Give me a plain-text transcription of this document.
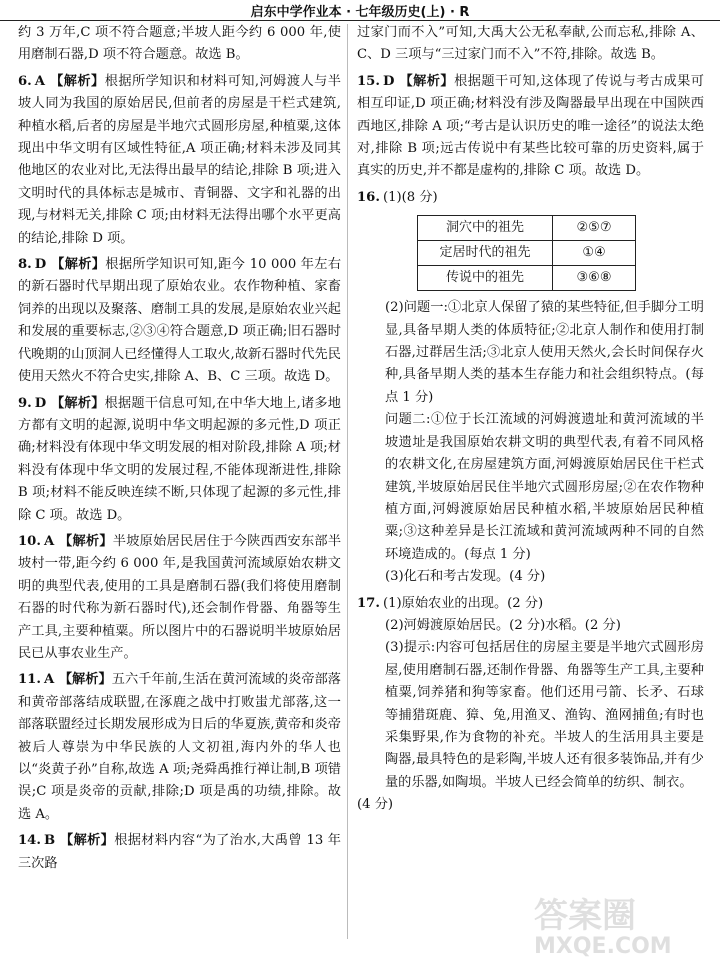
启东中学作业本 · 七年级历史(上) · R

约 3 万年,C 项不符合题意;半坡人距今约 6 000 年,使用磨制石器,D 项不符合题意。故选 B。

6. A 【解析】根据所学知识和材料可知,河姆渡人与半坡人同为我国的原始居民,但前者的房屋是干栏式建筑,种植水稻,后者的房屋是半地穴式圆形房屋,种植粟,这体现出中华文明有区域性特征,A 项正确;材料未涉及同其他地区的农业对比,无法得出最早的结论,排除 B 项;进入文明时代的具体标志是城市、青铜器、文字和礼器的出现,与材料无关,排除 C 项;由材料无法得出哪个水平更高的结论,排除 D 项。

8. D 【解析】根据所学知识可知,距今 10 000 年左右的新石器时代早期出现了原始农业。农作物种植、家畜饲养的出现以及聚落、磨制工具的发展,是原始农业兴起和发展的重要标志,②③④符合题意,D 项正确;旧石器时代晚期的山顶洞人已经懂得人工取火,故新石器时代先民使用天然火不符合史实,排除 A、B、C 三项。故选 D。

9. D 【解析】根据题干信息可知,在中华大地上,诸多地方都有文明的起源,说明中华文明起源的多元性,D 项正确;材料没有体现中华文明发展的相对阶段,排除 A 项;材料没有体现中华文明的发展过程,不能体现渐进性,排除 B 项;材料不能反映连续不断,只体现了起源的多元性,排除 C 项。故选 D。

10. A 【解析】半坡原始居民居住于今陕西西安东部半坡村一带,距今约 6 000 年,是我国黄河流域原始农耕文明的典型代表,使用的工具是磨制石器(我们将使用磨制石器的时代称为新石器时代),还会制作骨器、角器等生产工具,主要种植粟。所以图片中的石器说明半坡原始居民已从事农业生产。

11. A 【解析】五六千年前,生活在黄河流域的炎帝部落和黄帝部落结成联盟,在涿鹿之战中打败蚩尤部落,这一部落联盟经过长期发展形成为日后的华夏族,黄帝和炎帝被后人尊崇为中华民族的人文初祖,海内外的华人也以“炎黄子孙”自称,故选 A 项;尧舜禹推行禅让制,B 项错误;C 项是炎帝的贡献,排除;D 项是禹的功绩,排除。故选 A。

14. B 【解析】根据材料内容“为了治水,大禹曾 13 年三次路

过家门而不入”可知,大禹大公无私奉献,公而忘私,排除 A、C、D 三项与“三过家门而不入”不符,排除。故选 B。

15. D 【解析】根据题干可知,这体现了传说与考古成果可相互印证,D 项正确;材料没有涉及陶器最早出现在中国陕西西地区,排除 A 项;“考古是认识历史的唯一途径”的说法太绝对,排除 B 项;远古传说中有某些比较可靠的历史资料,属于真实的历史,并不都是虚构的,排除 C 项。故选 D。

16. (1)(8 分)

洞穴中的祖先	②⑤⑦
定居时代的祖先	①④
传说中的祖先	③⑥⑧

(2)问题一:①北京人保留了猿的某些特征,但手脚分工明显,具备早期人类的体质特征;②北京人制作和使用打制石器,过群居生活;③北京人使用天然火,会长时间保存火种,具备早期人类的基本生存能力和社会组织特点。(每点 1 分)

问题二:①位于长江流域的河姆渡遗址和黄河流域的半坡遗址是我国原始农耕文明的典型代表,有着不同风格的农耕文化,在房屋建筑方面,河姆渡原始居民住干栏式建筑,半坡原始居民住半地穴式圆形房屋;②在农作物种植方面,河姆渡原始居民种植水稻,半坡原始居民种植粟;③这种差异是长江流域和黄河流域两种不同的自然环境造成的。(每点 1 分)

(3)化石和考古发现。(4 分)

17. (1)原始农业的出现。(2 分)

(2)河姆渡原始居民。(2 分)水稻。(2 分)

(3)提示:内容可包括居住的房屋主要是半地穴式圆形房屋,使用磨制石器,还制作骨器、角器等生产工具,主要种植粟,饲养猪和狗等家畜。他们还用弓箭、长矛、石球等捕猎斑鹿、獐、兔,用渔叉、渔钩、渔网捕鱼;有时也采集野果,作为食物的补充。半坡人的生活用具主要是陶器,最具特色的是彩陶,半坡人还有很多装饰品,并有少量的乐器,如陶埙。半坡人已经会简单的纺织、制衣。

(4 分)

答案圈
MXQE.COM
